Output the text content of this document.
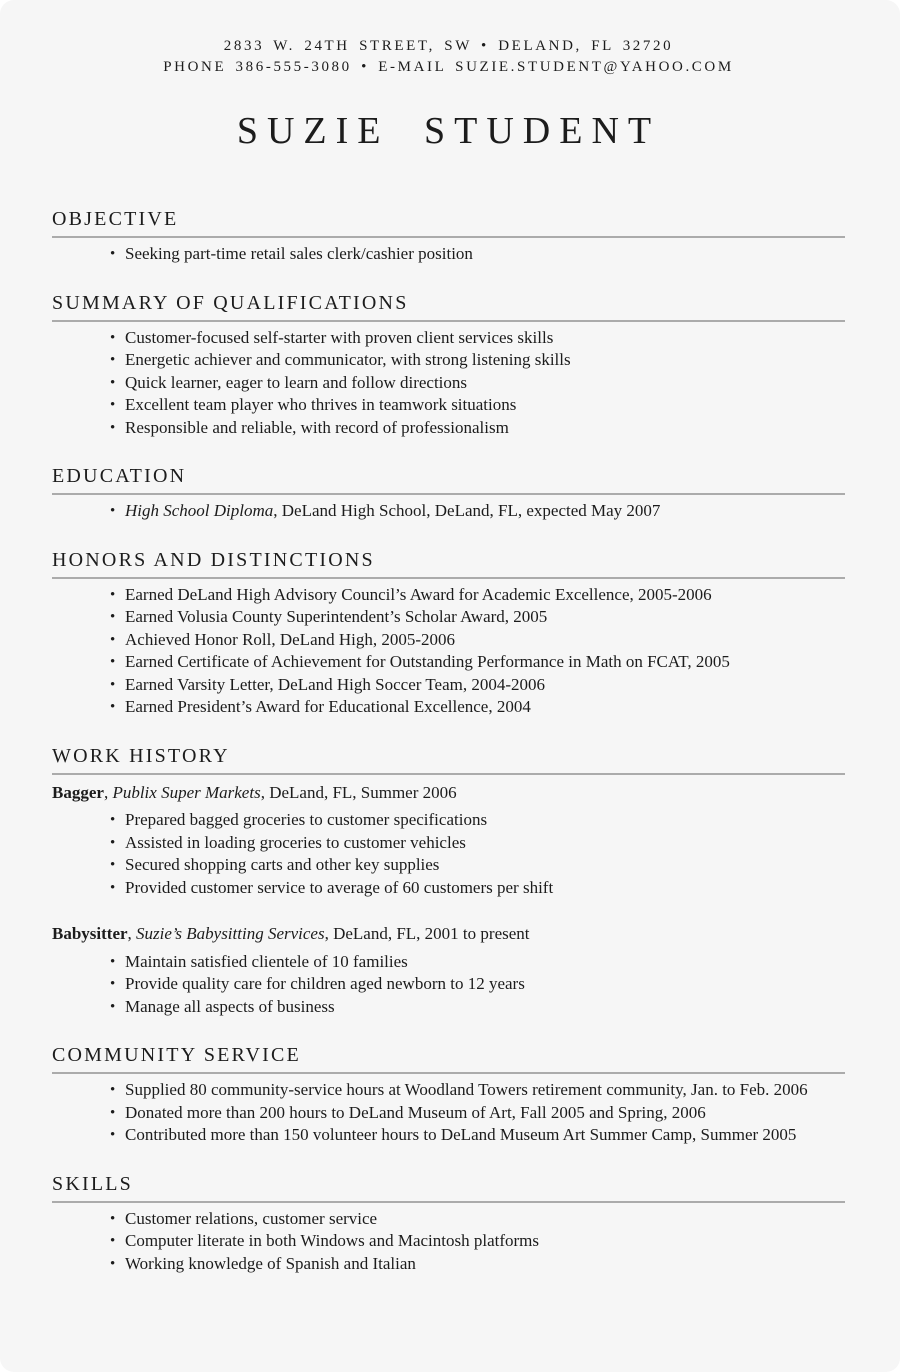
2833 W. 24TH STREET, SW • DELAND, FL 32720

PHONE 386-555-3080 • E-MAIL SUZIE.STUDENT@YAHOO.COM

SUZIE STUDENT
OBJECTIVE
• Seeking part-time retail sales clerk/cashier position
SUMMARY OF QUALIFICATIONS
• Customer-focused self-starter with proven client services skills
• Energetic achiever and communicator, with strong listening skills
• Quick learner, eager to learn and follow directions
• Excellent team player who thrives in teamwork situations
• Responsible and reliable, with record of professionalism
EDUCATION
• High School Diploma, DeLand High School, DeLand, FL, expected May 2007
HONORS AND DISTINCTIONS
• Earned DeLand High Advisory Council’s Award for Academic Excellence, 2005-2006
• Earned Volusia County Superintendent’s Scholar Award, 2005
• Achieved Honor Roll, DeLand High, 2005-2006
• Earned Certificate of Achievement for Outstanding Performance in Math on FCAT, 2005
• Earned Varsity Letter, DeLand High Soccer Team, 2004-2006
• Earned President’s Award for Educational Excellence, 2004
WORK HISTORY

Bagger, Publix Super Markets, DeLand, FL, Summer 2006

• Prepared bagged groceries to customer specifications
• Assisted in loading groceries to customer vehicles
• Secured shopping carts and other key supplies
• Provided customer service to average of 60 customers per shift

Babysitter, Suzie’s Babysitting Services, DeLand, FL, 2001 to present

• Maintain satisfied clientele of 10 families
• Provide quality care for children aged newborn to 12 years
• Manage all aspects of business
COMMUNITY SERVICE
• Supplied 80 community-service hours at Woodland Towers retirement community, Jan. to Feb. 2006
• Donated more than 200 hours to DeLand Museum of Art, Fall 2005 and Spring, 2006
• Contributed more than 150 volunteer hours to DeLand Museum Art Summer Camp, Summer 2005
SKILLS
• Customer relations, customer service
• Computer literate in both Windows and Macintosh platforms
• Working knowledge of Spanish and Italian
